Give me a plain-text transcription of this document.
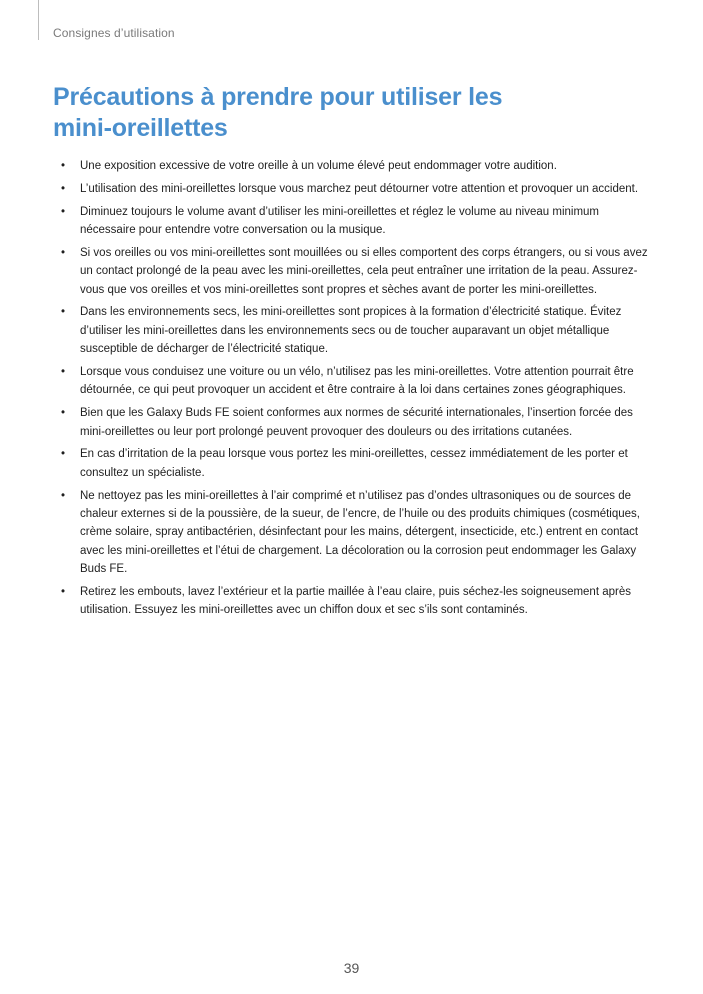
Consignes d’utilisation
Précautions à prendre pour utiliser les
mini-oreillettes
• Une exposition excessive de votre oreille à un volume élevé peut endommager votre audition.
• L’utilisation des mini-oreillettes lorsque vous marchez peut détourner votre attention et provoquer un accident.
• Diminuez toujours le volume avant d’utiliser les mini-oreillettes et réglez le volume au niveau minimum nécessaire pour entendre votre conversation ou la musique.
• Si vos oreilles ou vos mini-oreillettes sont mouillées ou si elles comportent des corps étrangers, ou si vous avez un contact prolongé de la peau avec les mini-oreillettes, cela peut entraîner une irritation de la peau. Assurez-vous que vos oreilles et vos mini-oreillettes sont propres et sèches avant de porter les mini-oreillettes.
• Dans les environnements secs, les mini-oreillettes sont propices à la formation d’électricité statique. Évitez d’utiliser les mini-oreillettes dans les environnements secs ou de toucher auparavant un objet métallique susceptible de décharger de l’électricité statique.
• Lorsque vous conduisez une voiture ou un vélo, n’utilisez pas les mini-oreillettes. Votre attention pourrait être détournée, ce qui peut provoquer un accident et être contraire à la loi dans certaines zones géographiques.
• Bien que les Galaxy Buds FE soient conformes aux normes de sécurité internationales, l’insertion forcée des mini-oreillettes ou leur port prolongé peuvent provoquer des douleurs ou des irritations cutanées.
• En cas d’irritation de la peau lorsque vous portez les mini-oreillettes, cessez immédiatement de les porter et consultez un spécialiste.
• Ne nettoyez pas les mini-oreillettes à l’air comprimé et n’utilisez pas d’ondes ultrasoniques ou de sources de chaleur externes si de la poussière, de la sueur, de l’encre, de l’huile ou des produits chimiques (cosmétiques, crème solaire, spray antibactérien, désinfectant pour les mains, détergent, insecticide, etc.) entrent en contact avec les mini-oreillettes et l’étui de chargement. La décoloration ou la corrosion peut endommager les Galaxy Buds FE.
• Retirez les embouts, lavez l’extérieur et la partie maillée à l’eau claire, puis séchez-les soigneusement après utilisation. Essuyez les mini-oreillettes avec un chiffon doux et sec s’ils sont contaminés.
39
